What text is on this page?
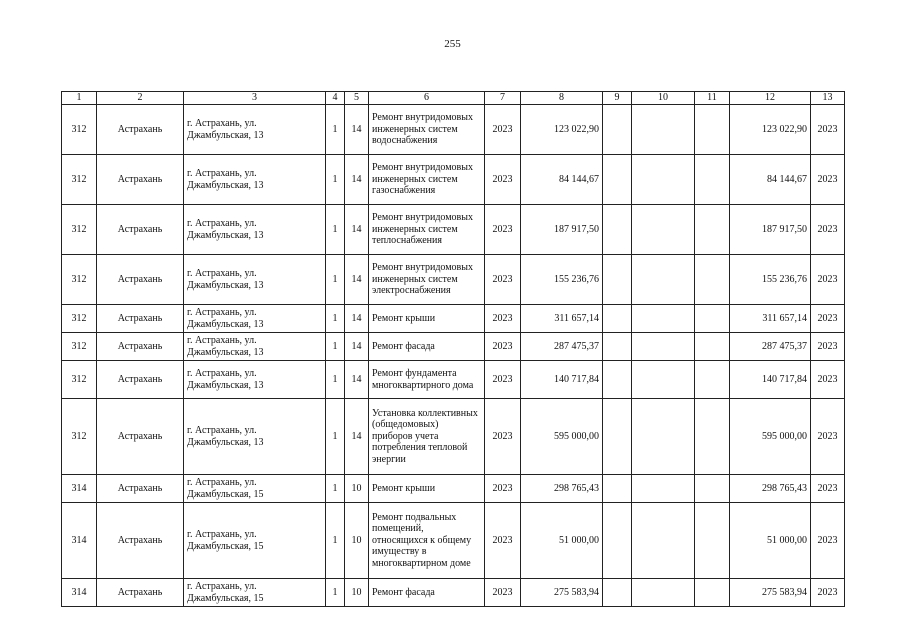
255
1	2	3	4	5	6	7	8	9	10	11	12	13
312	Астрахань	г. Астрахань, ул. Джамбульская, 13	1	14	Ремонт внутридомовых инженерных систем водоснабжения	2023	123 022,90				123 022,90	2023
312	Астрахань	г. Астрахань, ул. Джамбульская, 13	1	14	Ремонт внутридомовых инженерных систем газоснабжения	2023	84 144,67				84 144,67	2023
312	Астрахань	г. Астрахань, ул. Джамбульская, 13	1	14	Ремонт внутридомовых инженерных систем теплоснабжения	2023	187 917,50				187 917,50	2023
312	Астрахань	г. Астрахань, ул. Джамбульская, 13	1	14	Ремонт внутридомовых инженерных систем электроснабжения	2023	155 236,76				155 236,76	2023
312	Астрахань	г. Астрахань, ул. Джамбульская, 13	1	14	Ремонт крыши	2023	311 657,14				311 657,14	2023
312	Астрахань	г. Астрахань, ул. Джамбульская, 13	1	14	Ремонт фасада	2023	287 475,37				287 475,37	2023
312	Астрахань	г. Астрахань, ул. Джамбульская, 13	1	14	Ремонт фундамента многоквартирного дома	2023	140 717,84				140 717,84	2023
312	Астрахань	г. Астрахань, ул. Джамбульская, 13	1	14	Установка коллективных (общедомовых) приборов учета потребления тепловой энергии	2023	595 000,00				595 000,00	2023
314	Астрахань	г. Астрахань, ул. Джамбульская, 15	1	10	Ремонт крыши	2023	298 765,43				298 765,43	2023
314	Астрахань	г. Астрахань, ул. Джамбульская, 15	1	10	Ремонт подвальных помещений, относящихся к общему имуществу в многоквартирном доме	2023	51 000,00				51 000,00	2023
314	Астрахань	г. Астрахань, ул. Джамбульская, 15	1	10	Ремонт фасада	2023	275 583,94				275 583,94	2023
